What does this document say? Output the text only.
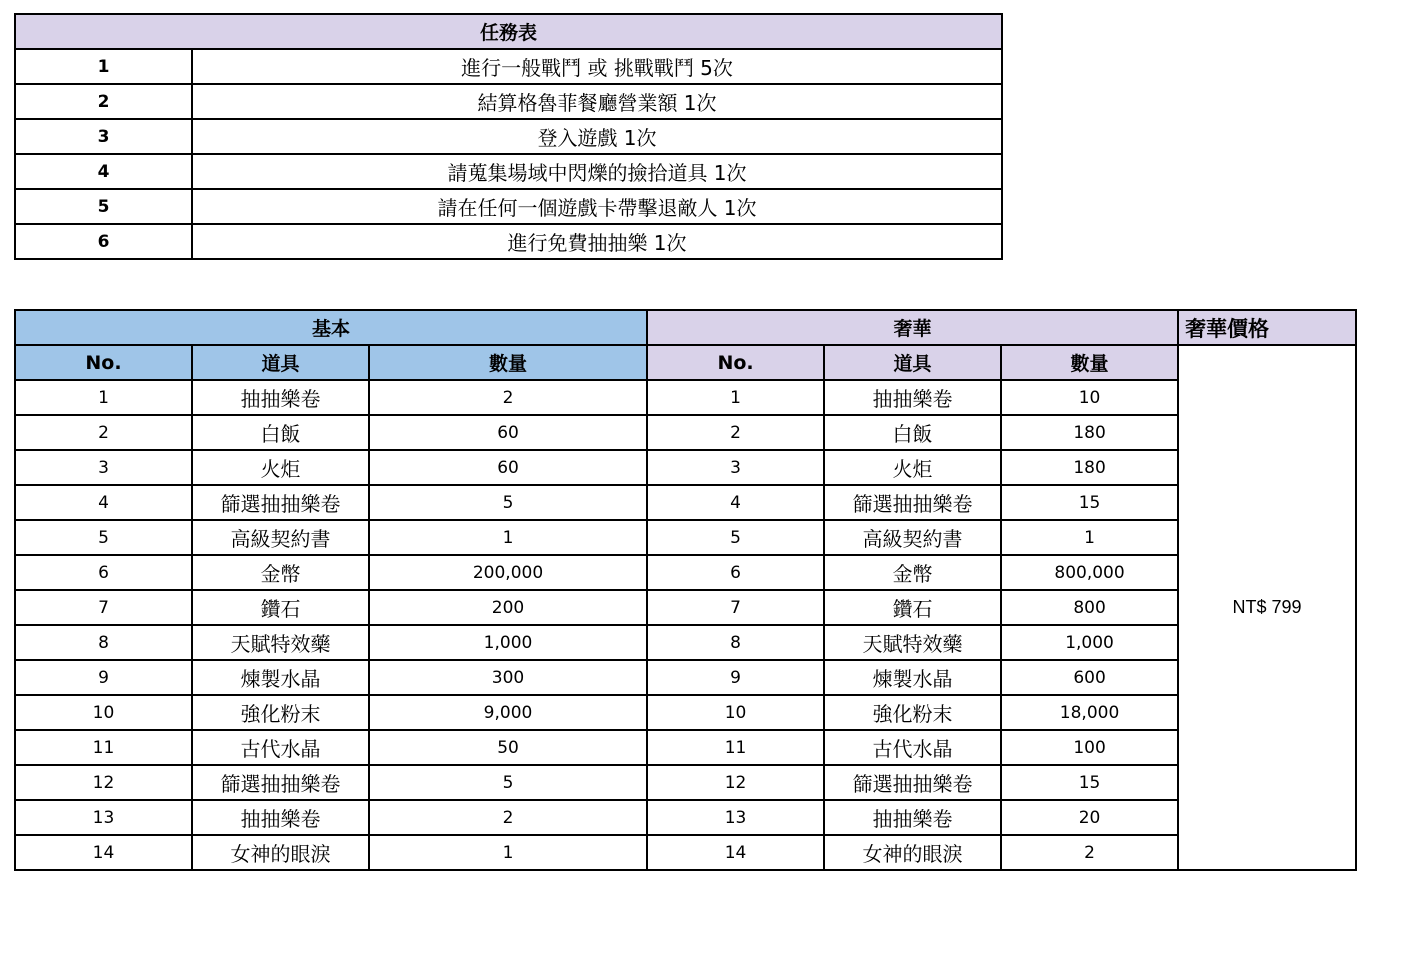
任務表	
1	進行一般戰鬥 或 挑戰戰鬥 5次
2	結算格魯菲餐廳營業額 1次
3	登入遊戲 1次
4	請蒐集場域中閃爍的撿拾道具 1次
5	請在任何一個遊戲卡帶擊退敵人 1次
6	進行免費抽抽樂 1次
基本			奢華			奢華價格
No.	道具	數量	No.	道具	數量	NT$ 799
1	抽抽樂卷	2	1	抽抽樂卷	10	
2	白飯	60	2	白飯	180	
3	火炬	60	3	火炬	180	
4	篩選抽抽樂卷	5	4	篩選抽抽樂卷	15	
5	高級契約書	1	5	高級契約書	1	
6	金幣	200,000	6	金幣	800,000	
7	鑽石	200	7	鑽石	800	
8	天賦特效藥	1,000	8	天賦特效藥	1,000	
9	煉製水晶	300	9	煉製水晶	600	
10	強化粉末	9,000	10	強化粉末	18,000	
11	古代水晶	50	11	古代水晶	100	
12	篩選抽抽樂卷	5	12	篩選抽抽樂卷	15	
13	抽抽樂卷	2	13	抽抽樂卷	20	
14	女神的眼淚	1	14	女神的眼淚	2	
